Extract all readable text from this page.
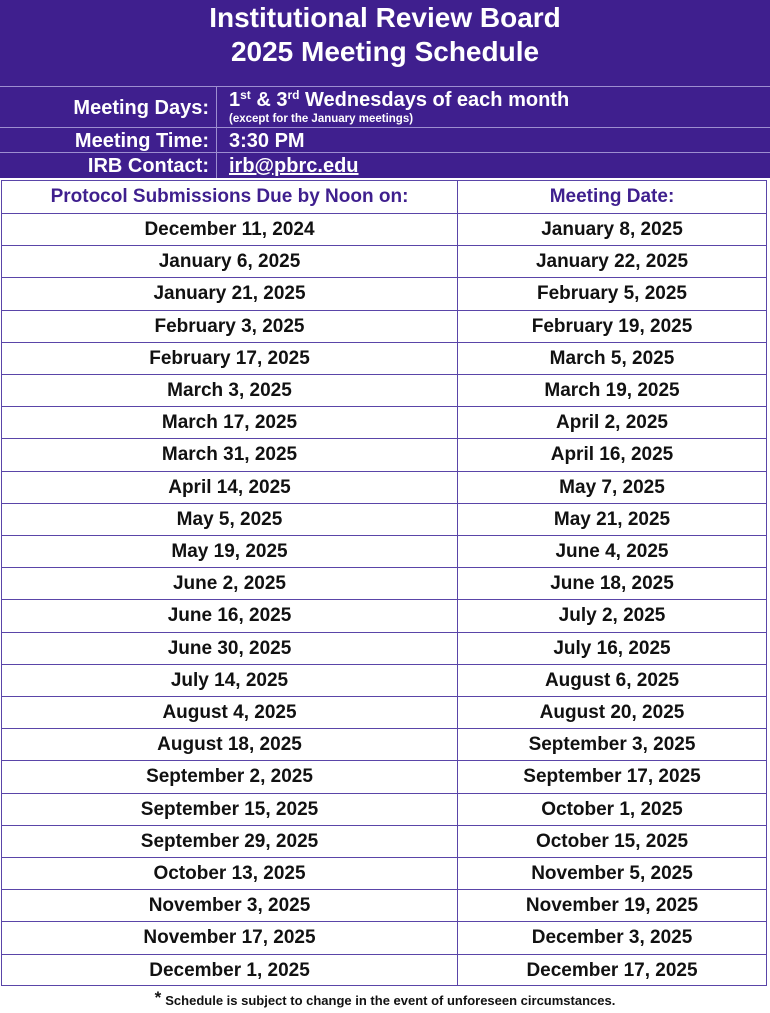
Institutional Review Board
2025 Meeting Schedule
Meeting Days: 1st & 3rd Wednesdays of each month
(except for the January meetings)
Meeting Time: 3:30 PM
IRB Contact: irb@pbrc.edu
Protocol Submissions Due by Noon on:	Meeting Date:
December 11, 2024	January 8, 2025
January 6, 2025	January 22, 2025
January 21, 2025	February 5, 2025
February 3, 2025	February 19, 2025
February 17, 2025	March 5, 2025
March 3, 2025	March 19, 2025
March 17, 2025	April 2, 2025
March 31, 2025	April 16, 2025
April 14, 2025	May 7, 2025
May 5, 2025	May 21, 2025
May 19, 2025	June 4, 2025
June 2, 2025	June 18, 2025
June 16, 2025	July 2, 2025
June 30, 2025	July 16, 2025
July 14, 2025	August 6, 2025
August 4, 2025	August 20, 2025
August 18, 2025	September 3, 2025
September 2, 2025	September 17, 2025
September 15, 2025	October 1, 2025
September 29, 2025	October 15, 2025
October 13, 2025	November 5, 2025
November 3, 2025	November 19, 2025
November 17, 2025	December 3, 2025
December 1, 2025	December 17, 2025
* Schedule is subject to change in the event of unforeseen circumstances.
